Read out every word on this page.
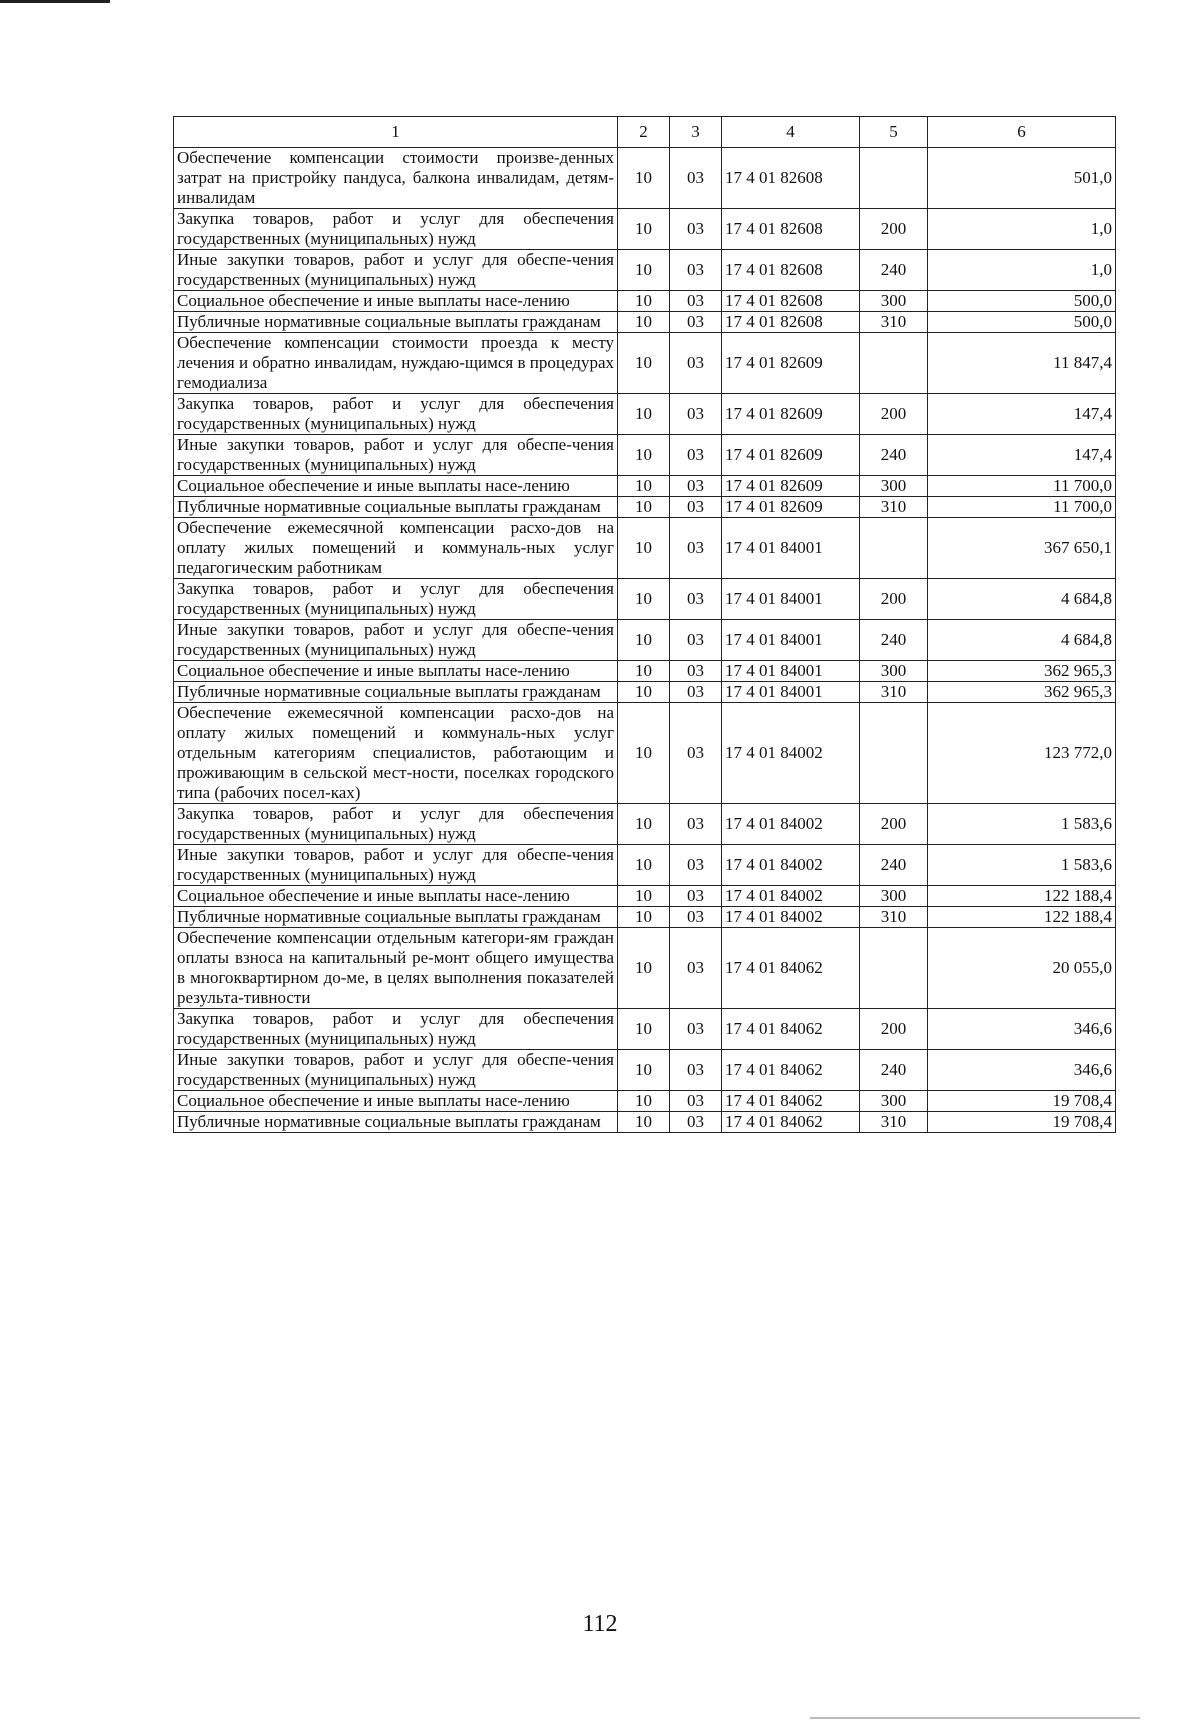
1	2	3	4	5	6
Обеспечение компенсации стоимости произве-денных затрат на пристройку пандуса, балкона инвалидам, детям-инвалидам	10	03	17 4 01 82608		501,0
Закупка товаров, работ и услуг для обеспечения государственных (муниципальных) нужд	10	03	17 4 01 82608	200	1,0
Иные закупки товаров, работ и услуг для обеспе-чения государственных (муниципальных) нужд	10	03	17 4 01 82608	240	1,0
Социальное обеспечение и иные выплаты насе-лению	10	03	17 4 01 82608	300	500,0
Публичные нормативные социальные выплаты гражданам	10	03	17 4 01 82608	310	500,0
Обеспечение компенсации стоимости проезда к месту лечения и обратно инвалидам, нуждаю-щимся в процедурах гемодиализа	10	03	17 4 01 82609		11 847,4
Закупка товаров, работ и услуг для обеспечения государственных (муниципальных) нужд	10	03	17 4 01 82609	200	147,4
Иные закупки товаров, работ и услуг для обеспе-чения государственных (муниципальных) нужд	10	03	17 4 01 82609	240	147,4
Социальное обеспечение и иные выплаты насе-лению	10	03	17 4 01 82609	300	11 700,0
Публичные нормативные социальные выплаты гражданам	10	03	17 4 01 82609	310	11 700,0
Обеспечение ежемесячной компенсации расхо-дов на оплату жилых помещений и коммуналь-ных услуг педагогическим работникам	10	03	17 4 01 84001		367 650,1
Закупка товаров, работ и услуг для обеспечения государственных (муниципальных) нужд	10	03	17 4 01 84001	200	4 684,8
Иные закупки товаров, работ и услуг для обеспе-чения государственных (муниципальных) нужд	10	03	17 4 01 84001	240	4 684,8
Социальное обеспечение и иные выплаты насе-лению	10	03	17 4 01 84001	300	362 965,3
Публичные нормативные социальные выплаты гражданам	10	03	17 4 01 84001	310	362 965,3
Обеспечение ежемесячной компенсации расхо-дов на оплату жилых помещений и коммуналь-ных услуг отдельным категориям специалистов, работающим и проживающим в сельской мест-ности, поселках городского типа (рабочих посел-ках)	10	03	17 4 01 84002		123 772,0
Закупка товаров, работ и услуг для обеспечения государственных (муниципальных) нужд	10	03	17 4 01 84002	200	1 583,6
Иные закупки товаров, работ и услуг для обеспе-чения государственных (муниципальных) нужд	10	03	17 4 01 84002	240	1 583,6
Социальное обеспечение и иные выплаты насе-лению	10	03	17 4 01 84002	300	122 188,4
Публичные нормативные социальные выплаты гражданам	10	03	17 4 01 84002	310	122 188,4
Обеспечение компенсации отдельным категори-ям граждан оплаты взноса на капитальный ре-монт общего имущества в многоквартирном до-ме, в целях выполнения показателей результа-тивности	10	03	17 4 01 84062		20 055,0
Закупка товаров, работ и услуг для обеспечения государственных (муниципальных) нужд	10	03	17 4 01 84062	200	346,6
Иные закупки товаров, работ и услуг для обеспе-чения государственных (муниципальных) нужд	10	03	17 4 01 84062	240	346,6
Социальное обеспечение и иные выплаты насе-лению	10	03	17 4 01 84062	300	19 708,4
Публичные нормативные социальные выплаты гражданам	10	03	17 4 01 84062	310	19 708,4
112
